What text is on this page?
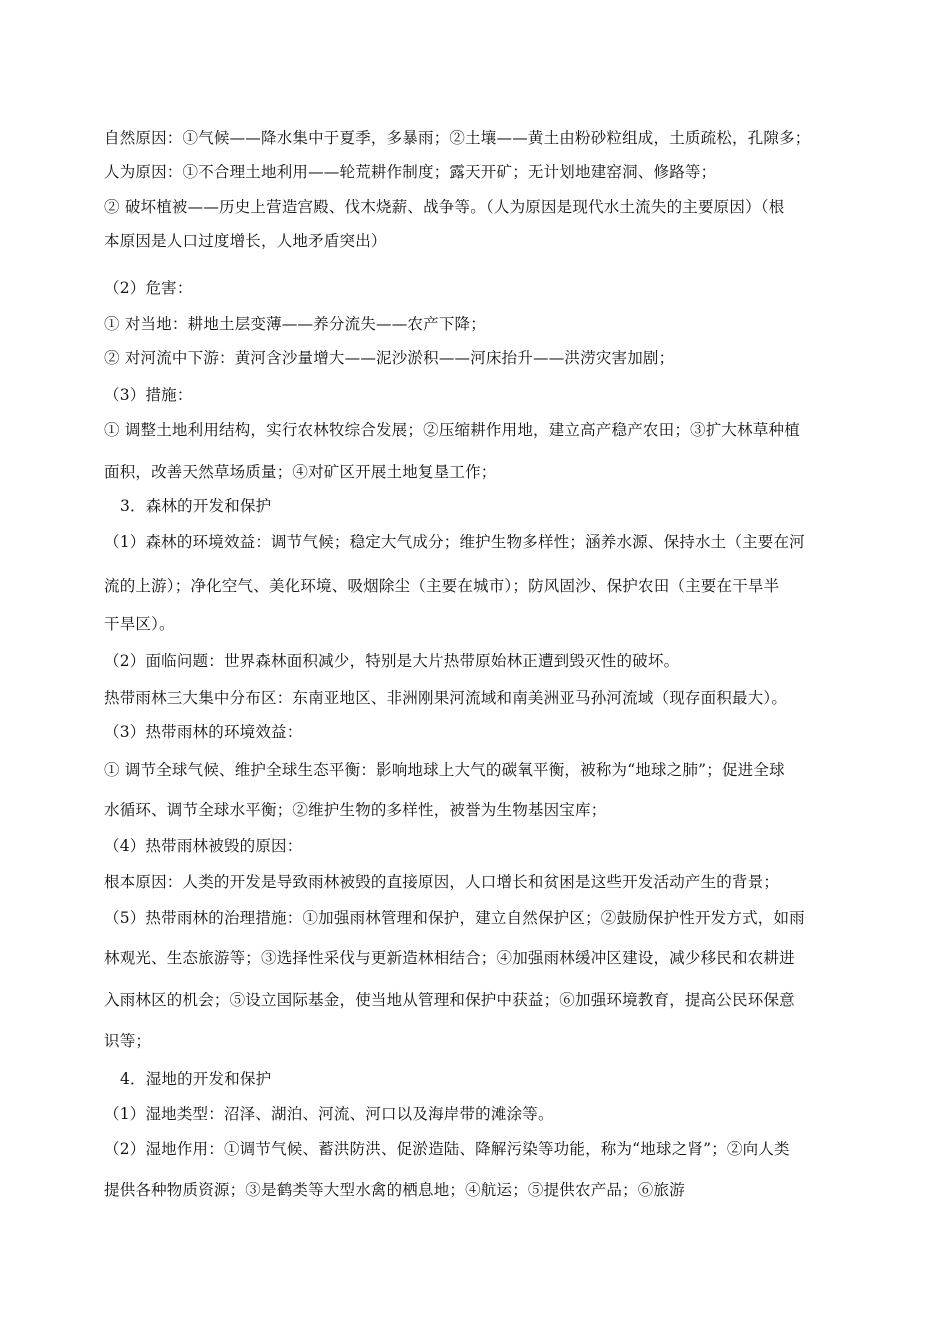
自然原因：①气候——降水集中于夏季，多暴雨；②土壤——黄土由粉砂粒组成，土质疏松，孔隙多；
人为原因：①不合理土地利用——轮荒耕作制度；露天开矿；无计划地建窑洞、修路等；
② 破坏植被——历史上营造宫殿、伐木烧薪、战争等。（人为原因是现代水土流失的主要原因）（根
本原因是人口过度增长，人地矛盾突出）
（2）危害：
① 对当地：耕地土层变薄——养分流失——农产下降；
② 对河流中下游：黄河含沙量增大——泥沙淤积——河床抬升——洪涝灾害加剧；
（3）措施：
① 调整土地利用结构，实行农林牧综合发展；②压缩耕作用地，建立高产稳产农田；③扩大林草种植
面积，改善天然草场质量；④对矿区开展土地复垦工作；
3．森林的开发和保护
（1）森林的环境效益：调节气候；稳定大气成分；维护生物多样性；涵养水源、保持水土（主要在河
流的上游）；净化空气、美化环境、吸烟除尘（主要在城市）；防风固沙、保护农田（主要在干旱半
干旱区）。
（2）面临问题：世界森林面积减少，特别是大片热带原始林正遭到毁灭性的破坏。
热带雨林三大集中分布区：东南亚地区、非洲刚果河流域和南美洲亚马孙河流域（现存面积最大）。
（3）热带雨林的环境效益：
① 调节全球气候、维护全球生态平衡：影响地球上大气的碳氧平衡，被称为“地球之肺”；促进全球
水循环、调节全球水平衡；②维护生物的多样性，被誉为生物基因宝库；
（4）热带雨林被毁的原因：
根本原因：人类的开发是导致雨林被毁的直接原因，人口增长和贫困是这些开发活动产生的背景；
（5）热带雨林的治理措施：①加强雨林管理和保护，建立自然保护区；②鼓励保护性开发方式，如雨
林观光、生态旅游等；③选择性采伐与更新造林相结合；④加强雨林缓冲区建设，减少移民和农耕进
入雨林区的机会；⑤设立国际基金，使当地从管理和保护中获益；⑥加强环境教育，提高公民环保意
识等；
4．湿地的开发和保护
（1）湿地类型：沼泽、湖泊、河流、河口以及海岸带的滩涂等。
（2）湿地作用：①调节气候、蓄洪防洪、促淤造陆、降解污染等功能，称为“地球之肾”；②向人类
提供各种物质资源；③是鹤类等大型水禽的栖息地；④航运；⑤提供农产品；⑥旅游
